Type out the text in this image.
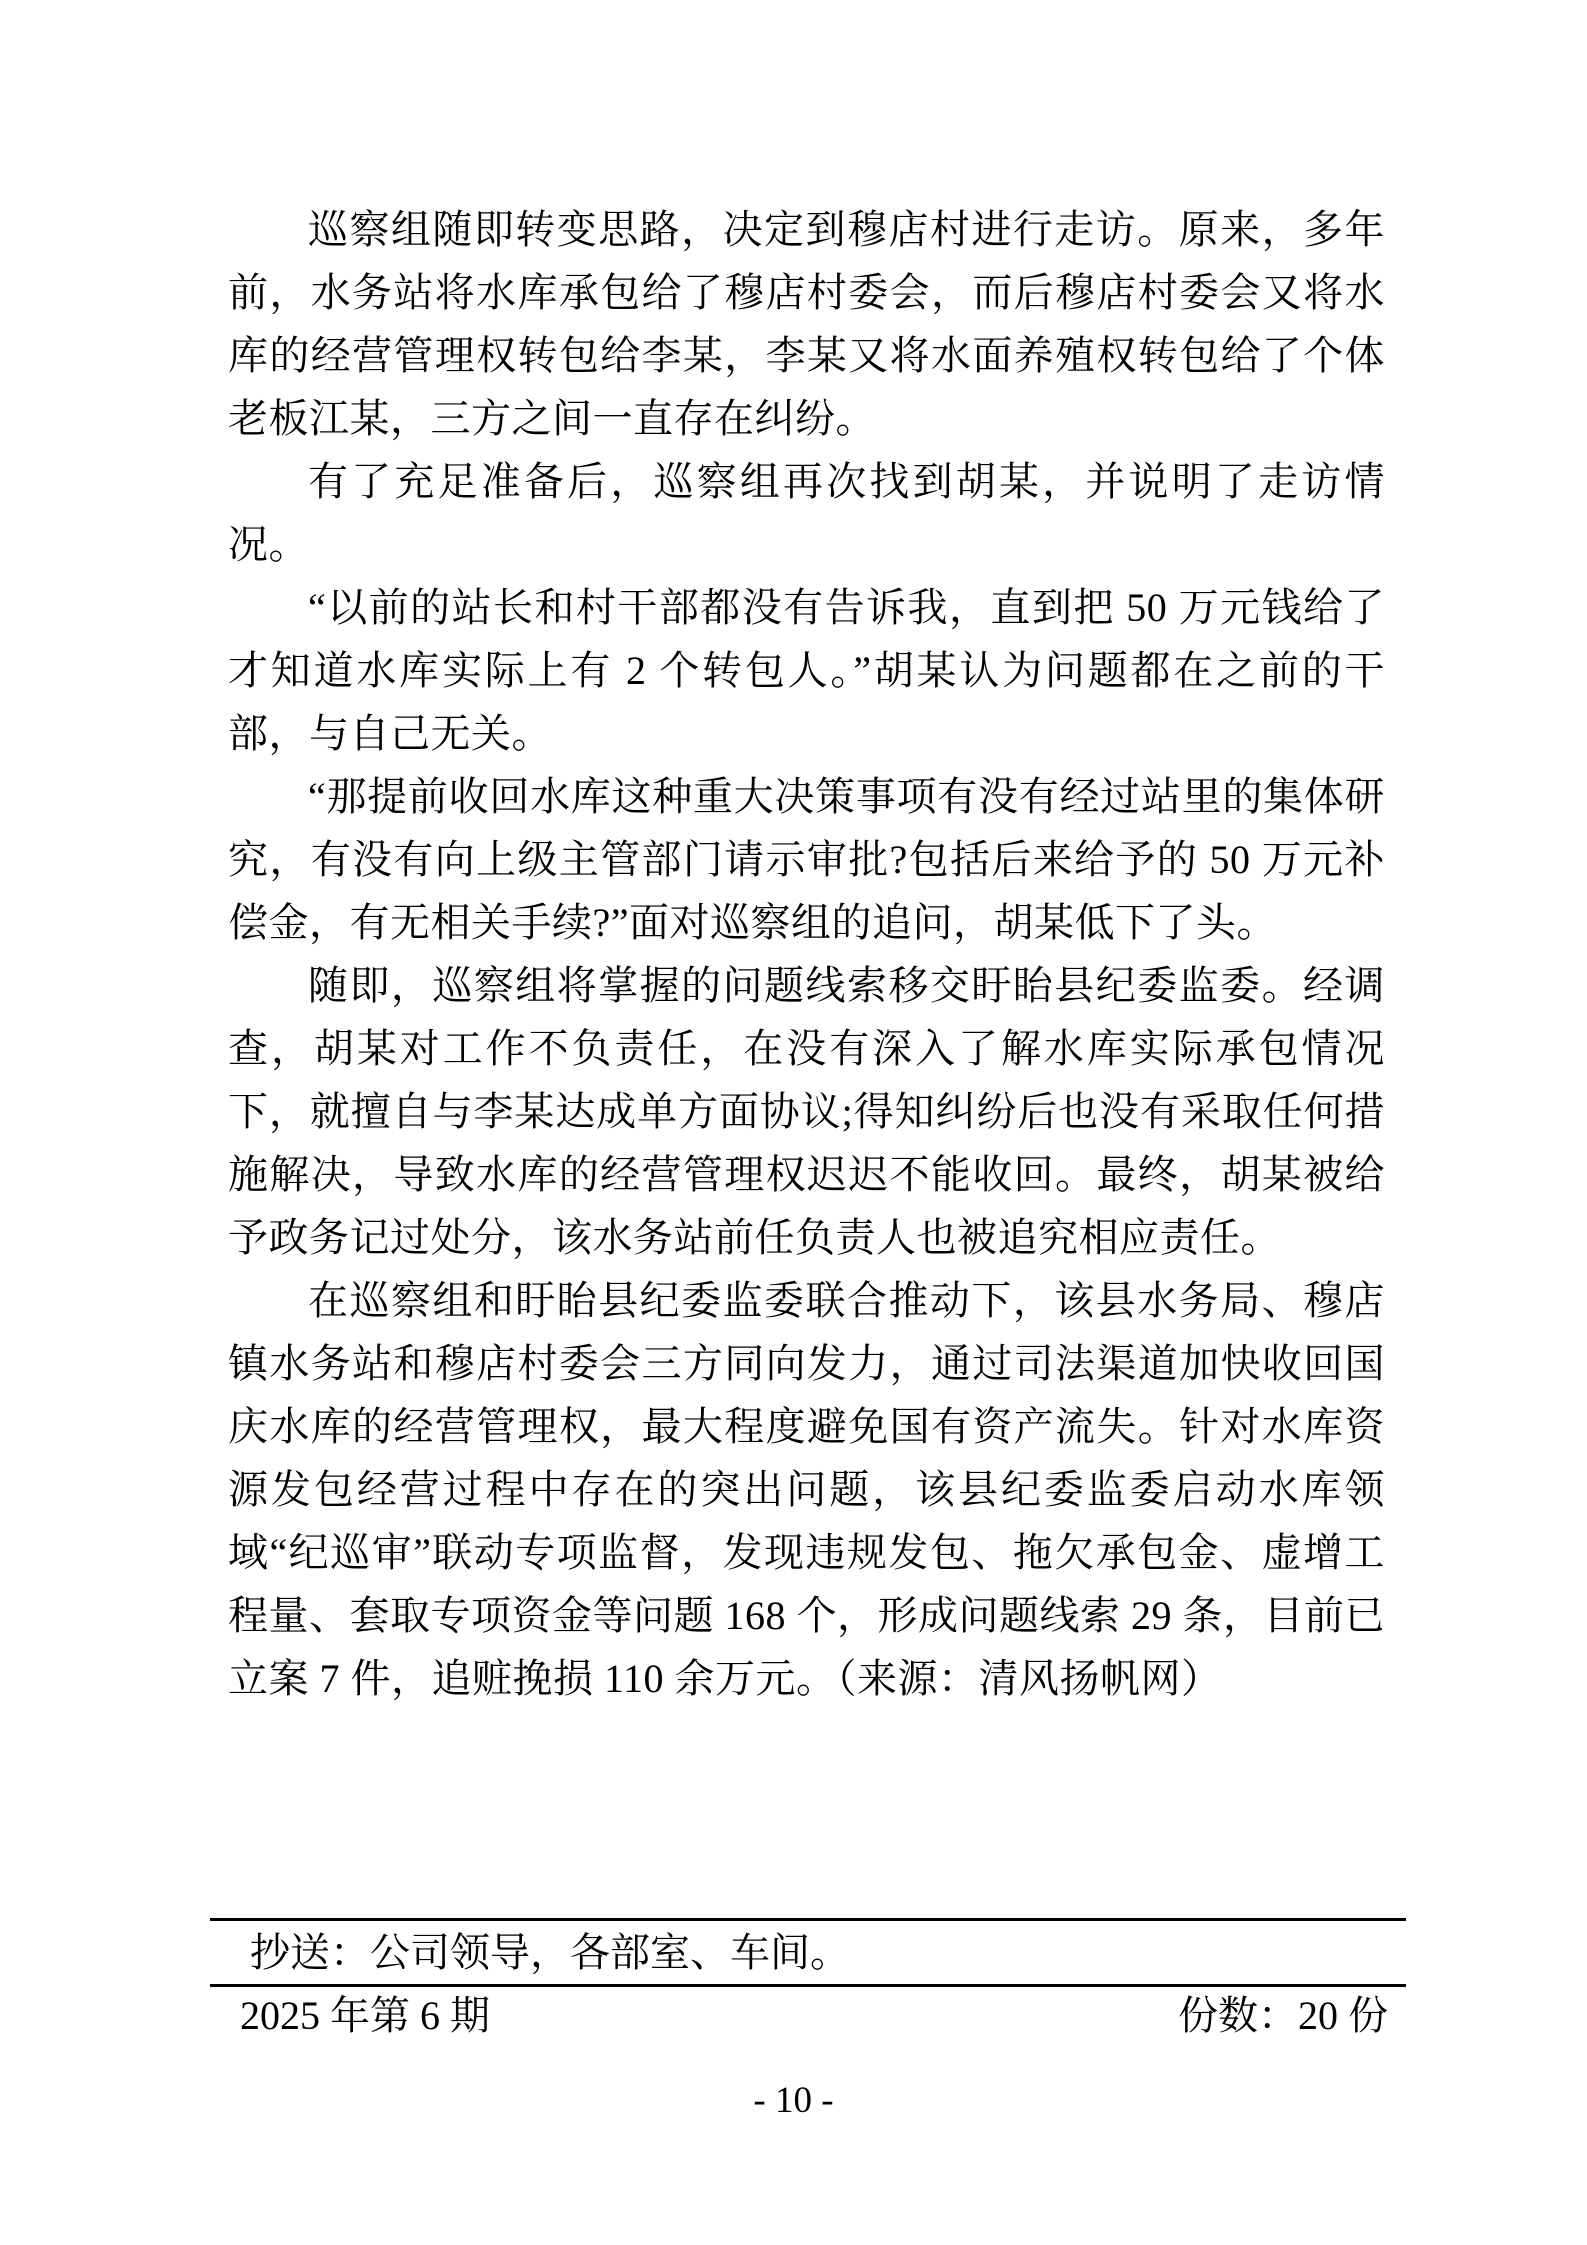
巡察组随即转变思路，决定到穆店村进行走访。原来，多年前，水务站将水库承包给了穆店村委会，而后穆店村委会又将水库的经营管理权转包给李某，李某又将水面养殖权转包给了个体老板江某，三方之间一直存在纠纷。

有了充足准备后，巡察组再次找到胡某，并说明了走访情况。

“以前的站长和村干部都没有告诉我，直到把 50 万元钱给了才知道水库实际上有 2 个转包人。”胡某认为问题都在之前的干部，与自己无关。

“那提前收回水库这种重大决策事项有没有经过站里的集体研究，有没有向上级主管部门请示审批?包括后来给予的 50 万元补偿金，有无相关手续?”面对巡察组的追问，胡某低下了头。

随即，巡察组将掌握的问题线索移交盱眙县纪委监委。经调查，胡某对工作不负责任，在没有深入了解水库实际承包情况下，就擅自与李某达成单方面协议;得知纠纷后也没有采取任何措施解决，导致水库的经营管理权迟迟不能收回。最终，胡某被给予政务记过处分，该水务站前任负责人也被追究相应责任。

在巡察组和盱眙县纪委监委联合推动下，该县水务局、穆店镇水务站和穆店村委会三方同向发力，通过司法渠道加快收回国庆水库的经营管理权，最大程度避免国有资产流失。针对水库资源发包经营过程中存在的突出问题，该县纪委监委启动水库领域“纪巡审”联动专项监督，发现违规发包、拖欠承包金、虚增工程量、套取专项资金等问题 168 个，形成问题线索 29 条，目前已立案 7 件，追赃挽损 110 余万元。（来源：清风扬帆网）

抄送：公司领导，各部室、车间。
2025 年第 6 期	份数：20 份
- 10 -
